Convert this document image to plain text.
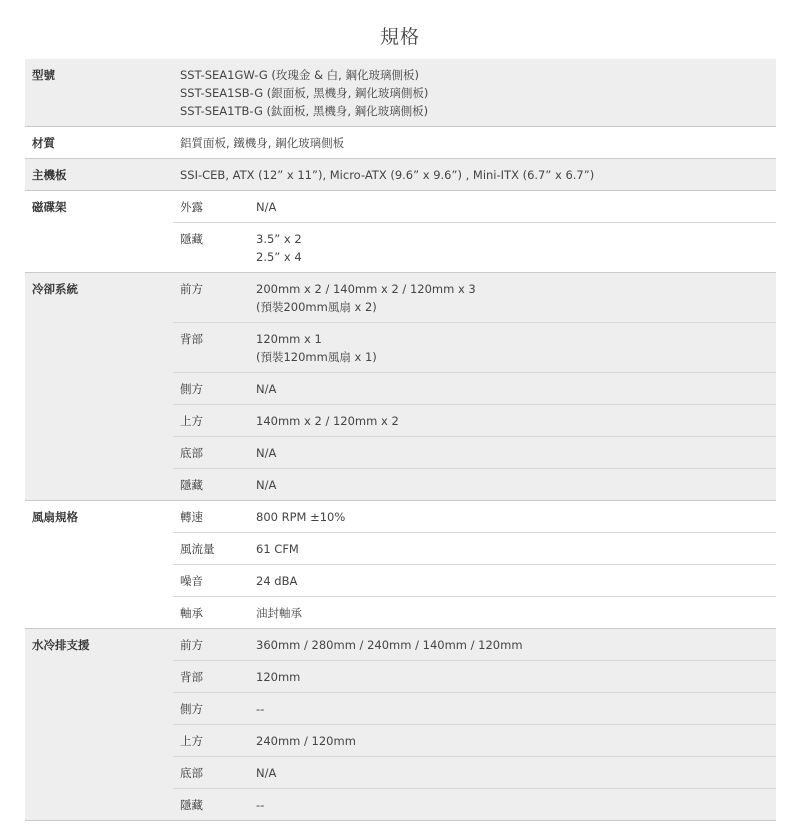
規格
型號	SST-SEA1GW-G (玫瑰金 & 白, 鋼化玻璃側板)
SST-SEA1SB-G (銀面板, 黑機身, 鋼化玻璃側板)
SST-SEA1TB-G (鈦面板, 黑機身, 鋼化玻璃側板)
材質	鋁質面板, 鐵機身, 鋼化玻璃側板
主機板	SSI-CEB, ATX (12” x 11”), Micro-ATX (9.6” x 9.6”) , Mini-ITX (6.7” x 6.7”)
磁碟架	外露	N/A
隱藏	3.5” x 2
2.5” x 4
冷卻系統	前方	200mm x 2 / 140mm x 2 / 120mm x 3
(預裝200mm風扇 x 2)
背部	120mm x 1
(預裝120mm風扇 x 1)
側方	N/A
上方	140mm x 2 / 120mm x 2
底部	N/A
隱藏	N/A
風扇規格	轉速	800 RPM ±10%
風流量	61 CFM
噪音	24 dBA
軸承	油封軸承
水冷排支援	前方	360mm / 280mm / 240mm / 140mm / 120mm
背部	120mm
側方	--
上方	240mm / 120mm
底部	N/A
隱藏	--
